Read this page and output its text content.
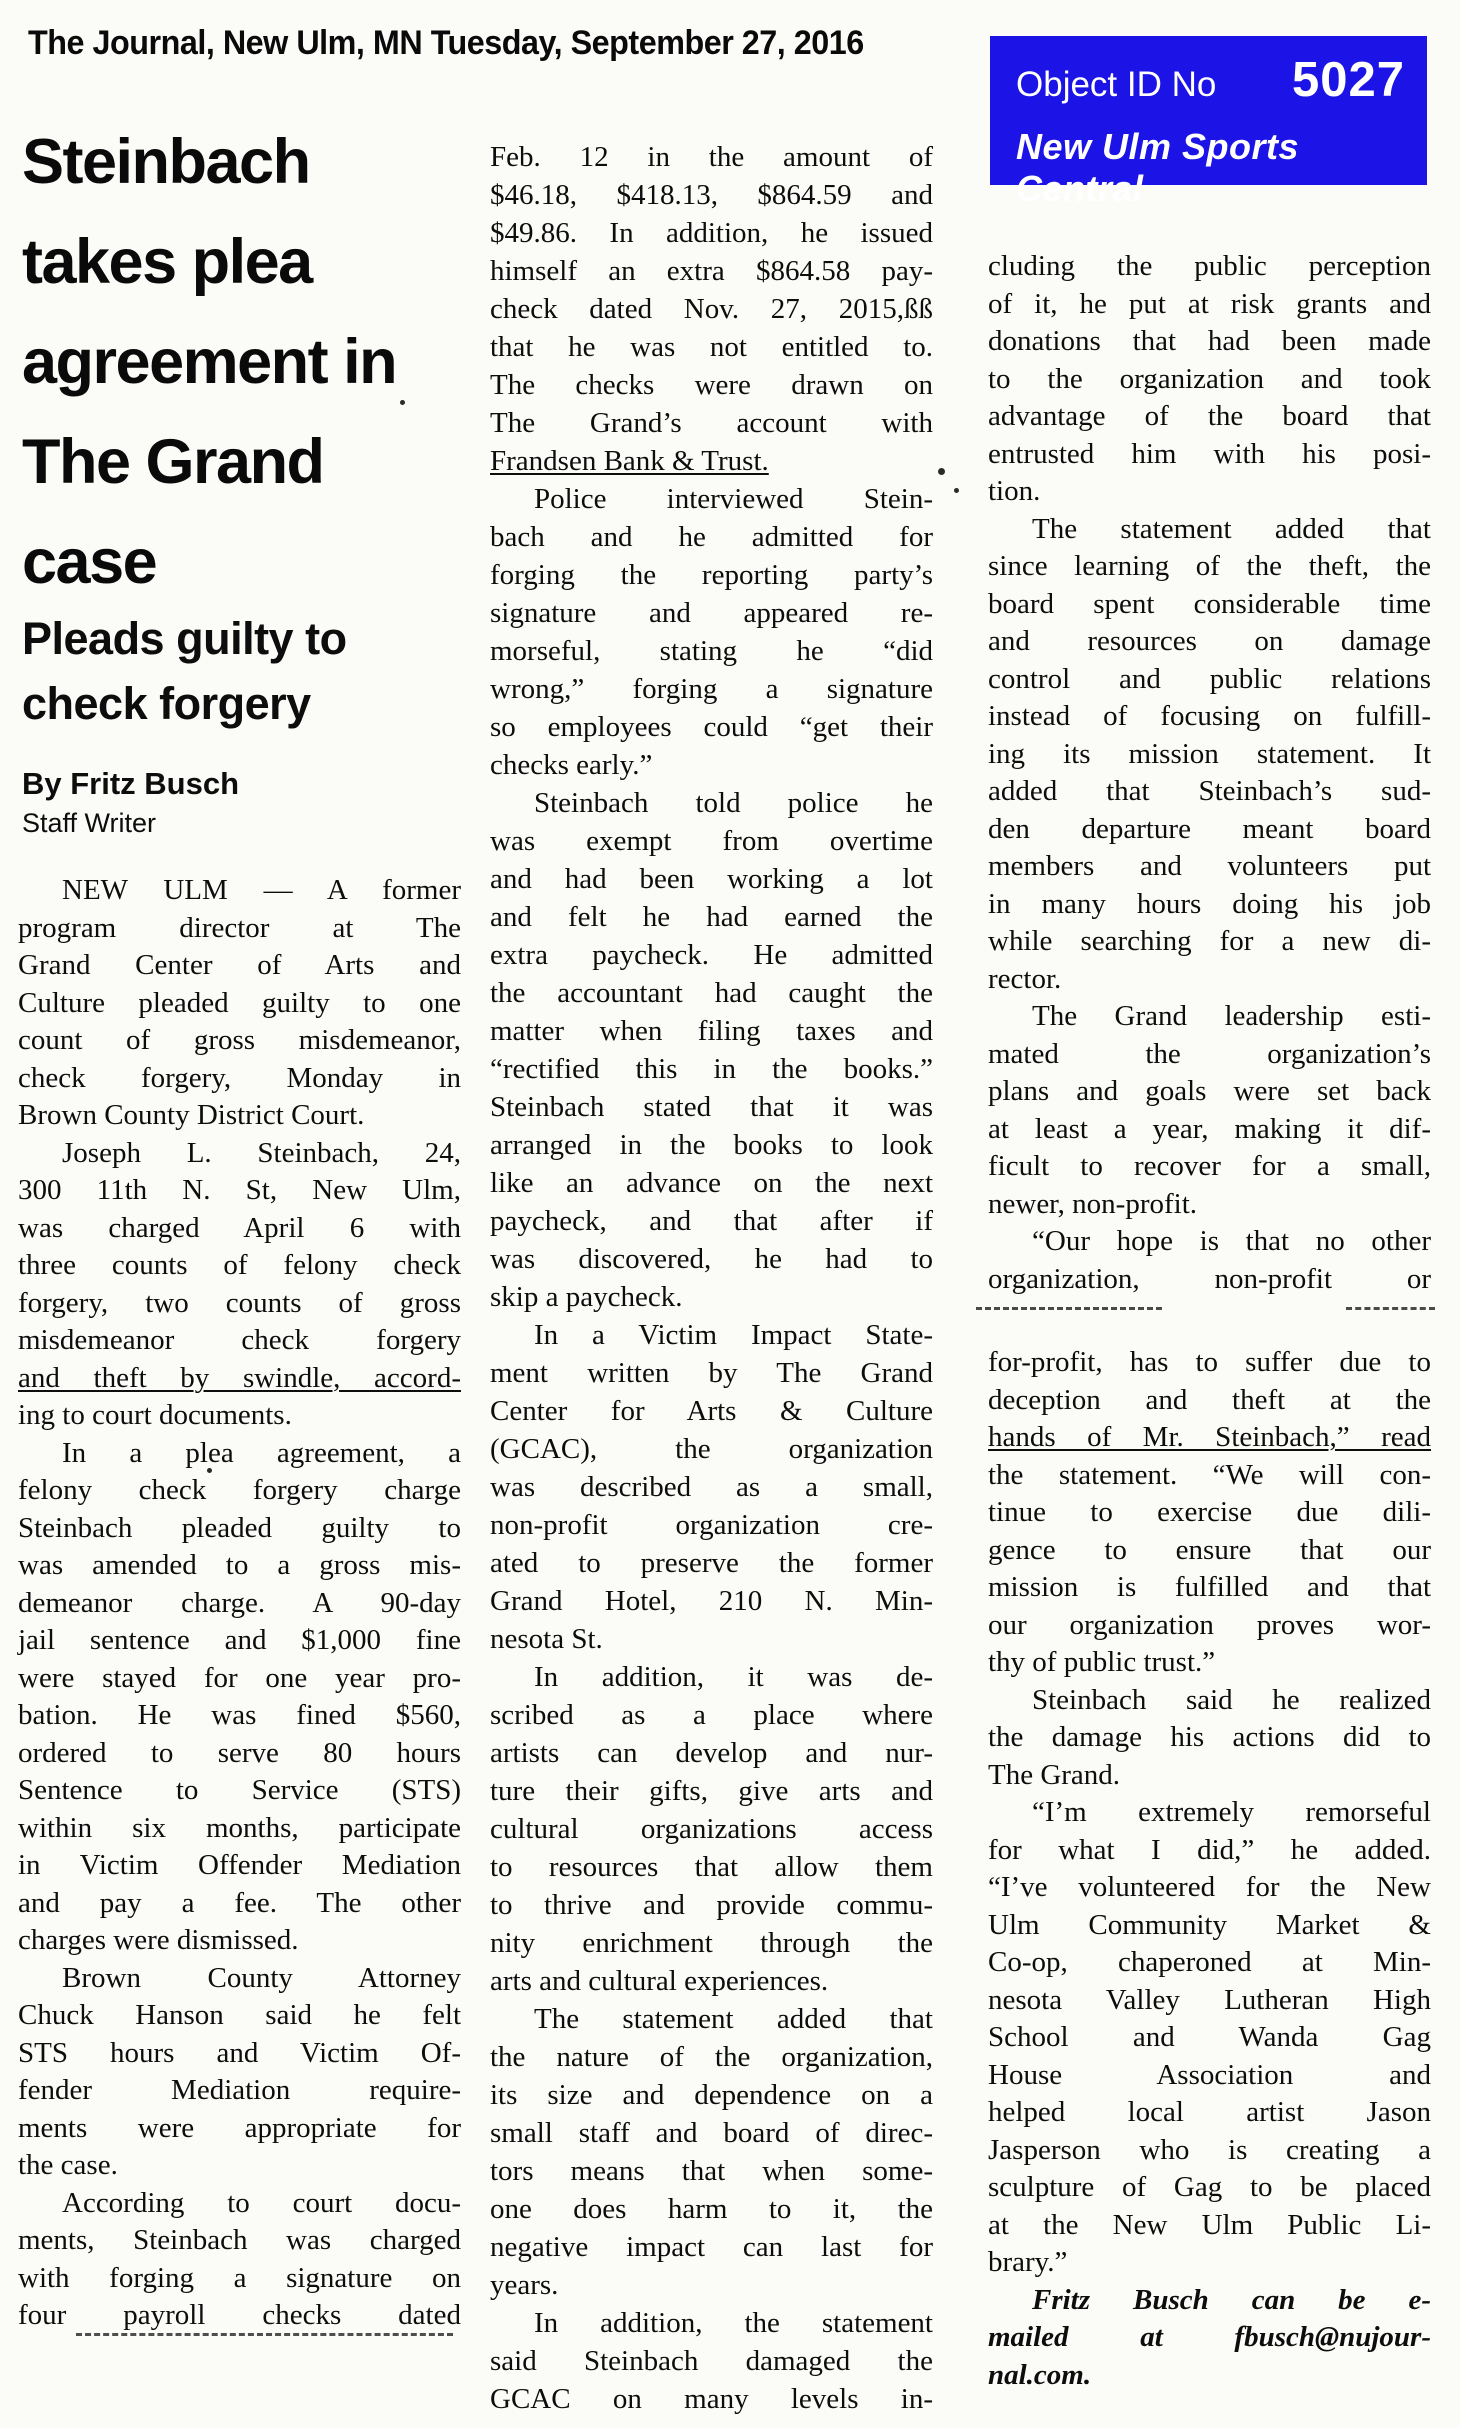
The Journal, New Ulm, MN Tuesday, September 27, 2016
Object ID No 5027
New Ulm Sports Central
Steinbach
takes plea
agreement in
The Grand
case
Pleads guilty to
check forgery
By Fritz Busch
Staff Writer
NEW ULM — A former
program director at The
Grand Center of Arts and
Culture pleaded guilty to one
count of gross misdemeanor,
check forgery, Monday in
Brown County District Court.
Joseph L. Steinbach, 24,
300 11th N. St, New Ulm,
was charged April 6 with
three counts of felony check
forgery, two counts of gross
misdemeanor check forgery
and theft by swindle, accord-
ing to court documents.
In a plea agreement, a
felony check forgery charge
Steinbach pleaded guilty to
was amended to a gross mis-
demeanor charge. A 90-day
jail sentence and $1,000 fine
were stayed for one year pro-
bation. He was fined $560,
ordered to serve 80 hours
Sentence to Service (STS)
within six months, participate
in Victim Offender Mediation
and pay a fee. The other
charges were dismissed.
Brown County Attorney
Chuck Hanson said he felt
STS hours and Victim Of-
fender Mediation require-
ments were appropriate for
the case.
According to court docu-
ments, Steinbach was charged
with forging a signature on
four payroll checks dated
Feb. 12 in the amount of
$46.18, $418.13, $864.59 and
$49.86. In addition, he issued
himself an extra $864.58 pay-
check dated Nov. 27, 2015,ßß
that he was not entitled to.
The checks were drawn on
The Grand’s account with
Frandsen Bank & Trust.
Police interviewed Stein-
bach and he admitted for
forging the reporting party’s
signature and appeared re-
morseful, stating he “did
wrong,” forging a signature
so employees could “get their
checks early.”
Steinbach told police he
was exempt from overtime
and had been working a lot
and felt he had earned the
extra paycheck. He admitted
the accountant had caught the
matter when filing taxes and
“rectified this in the books.”
Steinbach stated that it was
arranged in the books to look
like an advance on the next
paycheck, and that after if
was discovered, he had to
skip a paycheck.
In a Victim Impact State-
ment written by The Grand
Center for Arts & Culture
(GCAC), the organization
was described as a small,
non-profit organization cre-
ated to preserve the former
Grand Hotel, 210 N. Min-
nesota St.
In addition, it was de-
scribed as a place where
artists can develop and nur-
ture their gifts, give arts and
cultural organizations access
to resources that allow them
to thrive and provide commu-
nity enrichment through the
arts and cultural experiences.
The statement added that
the nature of the organization,
its size and dependence on a
small staff and board of direc-
tors means that when some-
one does harm to it, the
negative impact can last for
years.
In addition, the statement
said Steinbach damaged the
GCAC on many levels in-
cluding the public perception
of it, he put at risk grants and
donations that had been made
to the organization and took
advantage of the board that
entrusted him with his posi-
tion.
The statement added that
since learning of the theft, the
board spent considerable time
and resources on damage
control and public relations
instead of focusing on fulfill-
ing its mission statement. It
added that Steinbach’s sud-
den departure meant board
members and volunteers put
in many hours doing his job
while searching for a new di-
rector.
The Grand leadership esti-
mated the organization’s
plans and goals were set back
at least a year, making it dif-
ficult to recover for a small,
newer, non-profit.
“Our hope is that no other
organization, non-profit or
for-profit, has to suffer due to
deception and theft at the
hands of Mr. Steinbach,” read
the statement. “We will con-
tinue to exercise due dili-
gence to ensure that our
mission is fulfilled and that
our organization proves wor-
thy of public trust.”
Steinbach said he realized
the damage his actions did to
The Grand.
“I’m extremely remorseful
for what I did,” he added.
“I’ve volunteered for the New
Ulm Community Market &
Co-op, chaperoned at Min-
nesota Valley Lutheran High
School and Wanda Gag
House Association and
helped local artist Jason
Jasperson who is creating a
sculpture of Gag to be placed
at the New Ulm Public Li-
brary.”
Fritz Busch can be e-
mailed at fbusch@nujour-
nal.com.
